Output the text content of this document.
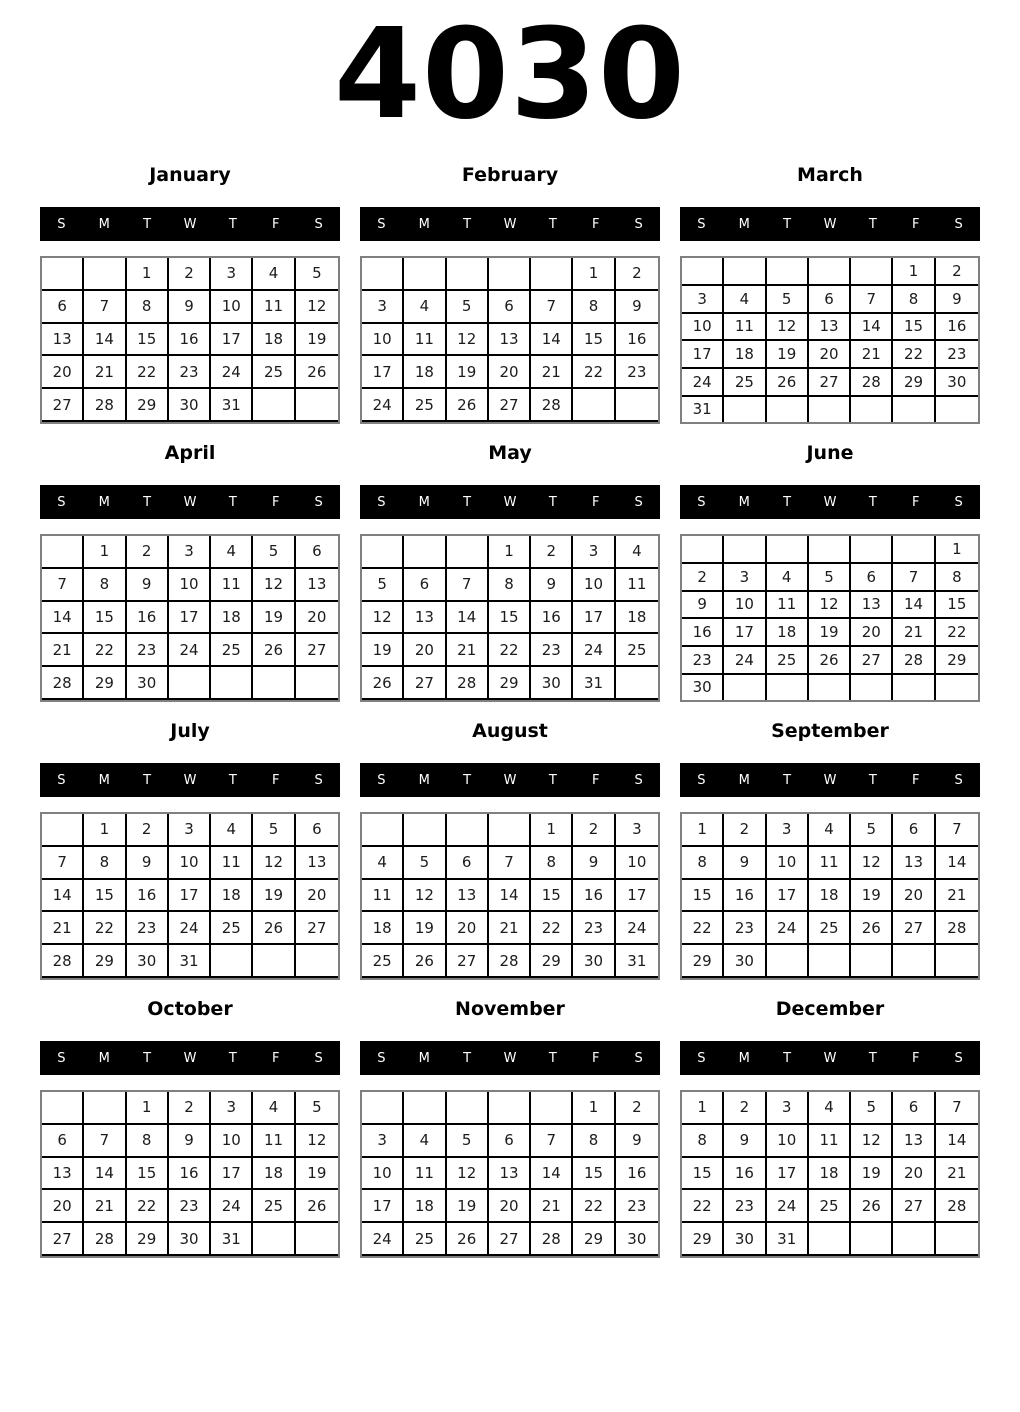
4030
January
S	M	T	W	T	F	S
		1	2	3	4	5
6	7	8	9	10	11	12
13	14	15	16	17	18	19
20	21	22	23	24	25	26
27	28	29	30	31		

February
S	M	T	W	T	F	S
					1	2
3	4	5	6	7	8	9
10	11	12	13	14	15	16
17	18	19	20	21	22	23
24	25	26	27	28		

March
S	M	T	W	T	F	S
					1	2
3	4	5	6	7	8	9
10	11	12	13	14	15	16
17	18	19	20	21	22	23
24	25	26	27	28	29	30
31						
April
S	M	T	W	T	F	S
	1	2	3	4	5	6
7	8	9	10	11	12	13
14	15	16	17	18	19	20
21	22	23	24	25	26	27
28	29	30				

May
S	M	T	W	T	F	S
			1	2	3	4
5	6	7	8	9	10	11
12	13	14	15	16	17	18
19	20	21	22	23	24	25
26	27	28	29	30	31	

June
S	M	T	W	T	F	S
						1
2	3	4	5	6	7	8
9	10	11	12	13	14	15
16	17	18	19	20	21	22
23	24	25	26	27	28	29
30						
July
S	M	T	W	T	F	S
	1	2	3	4	5	6
7	8	9	10	11	12	13
14	15	16	17	18	19	20
21	22	23	24	25	26	27
28	29	30	31			

August
S	M	T	W	T	F	S
				1	2	3
4	5	6	7	8	9	10
11	12	13	14	15	16	17
18	19	20	21	22	23	24
25	26	27	28	29	30	31

September
S	M	T	W	T	F	S
1	2	3	4	5	6	7
8	9	10	11	12	13	14
15	16	17	18	19	20	21
22	23	24	25	26	27	28
29	30					

October
S	M	T	W	T	F	S
		1	2	3	4	5
6	7	8	9	10	11	12
13	14	15	16	17	18	19
20	21	22	23	24	25	26
27	28	29	30	31		

November
S	M	T	W	T	F	S
					1	2
3	4	5	6	7	8	9
10	11	12	13	14	15	16
17	18	19	20	21	22	23
24	25	26	27	28	29	30

December
S	M	T	W	T	F	S
1	2	3	4	5	6	7
8	9	10	11	12	13	14
15	16	17	18	19	20	21
22	23	24	25	26	27	28
29	30	31				
